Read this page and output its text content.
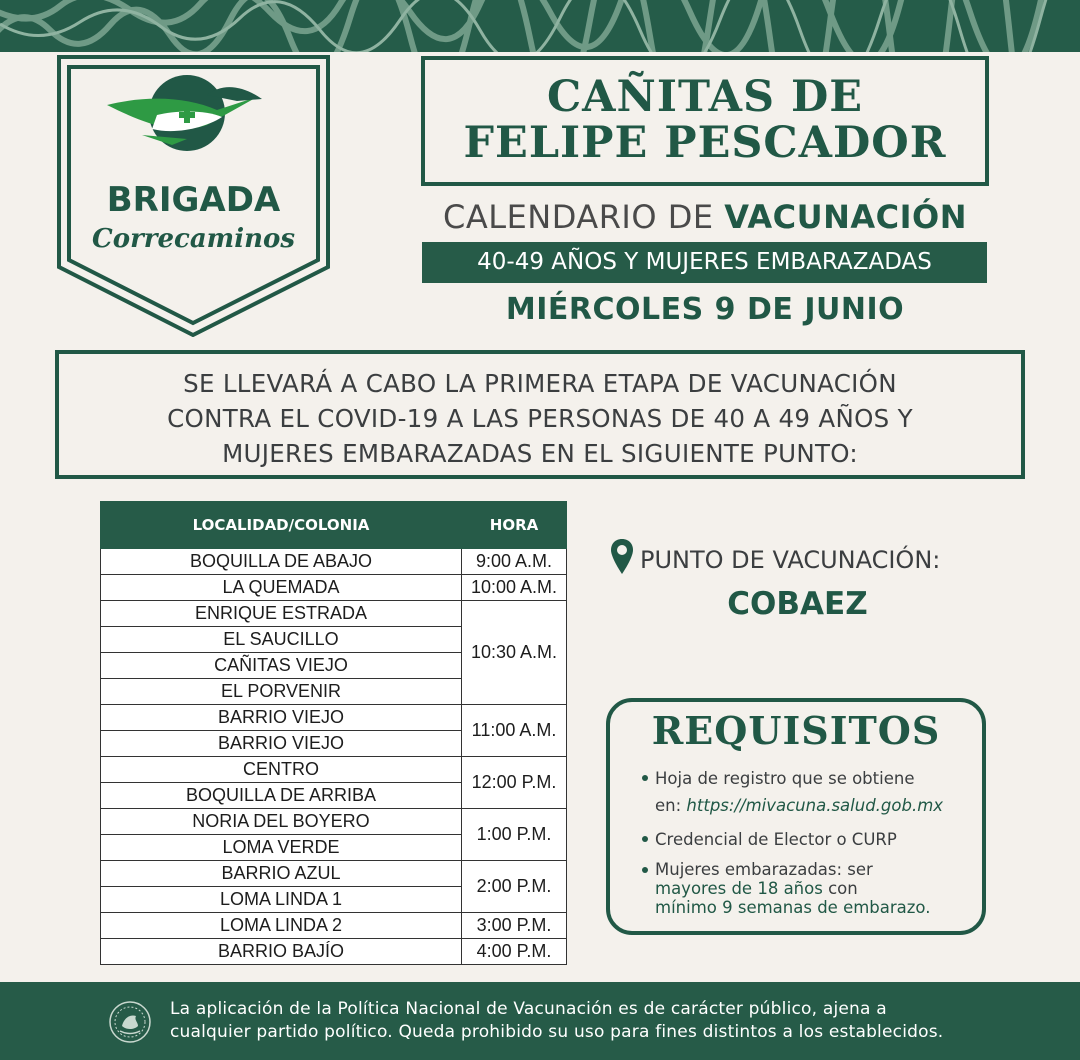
BRIGADA
Correcaminos
CAÑITAS DE
FELIPE PESCADOR
CALENDARIO DE VACUNACIÓN
40-49 AÑOS Y MUJERES EMBARAZADAS
MIÉRCOLES 9 DE JUNIO
SE LLEVARÁ A CABO LA PRIMERA ETAPA DE VACUNACIÓN
CONTRA EL COVID-19 A LAS PERSONAS DE 40 A 49 AÑOS Y
MUJERES EMBARAZADAS EN EL SIGUIENTE PUNTO:
LOCALIDAD/COLONIA	HORA
BOQUILLA DE ABAJO	9:00 A.M.
LA QUEMADA	10:00 A.M.
ENRIQUE ESTRADA	10:30 A.M.
EL SAUCILLO	
CAÑITAS VIEJO	
EL PORVENIR	
BARRIO VIEJO	11:00 A.M.
BARRIO VIEJO	
CENTRO	12:00 P.M.
BOQUILLA DE ARRIBA	
NORIA DEL BOYERO	1:00 P.M.
LOMA VERDE	
BARRIO AZUL	2:00 P.M.
LOMA LINDA 1	
LOMA LINDA 2	3:00 P.M.
BARRIO BAJÍO	4:00 P.M.
PUNTO DE VACUNACIÓN:
COBAEZ
REQUISITOS
Hoja de registro que se obtiene
en: https://mivacuna.salud.gob.mx
Credencial de Elector o CURP
Mujeres embarazadas: ser
mayores de 18 años con
mínimo 9 semanas de embarazo.
La aplicación de la Política Nacional de Vacunación es de carácter público, ajena a
cualquier partido político. Queda prohibido su uso para fines distintos a los establecidos.
